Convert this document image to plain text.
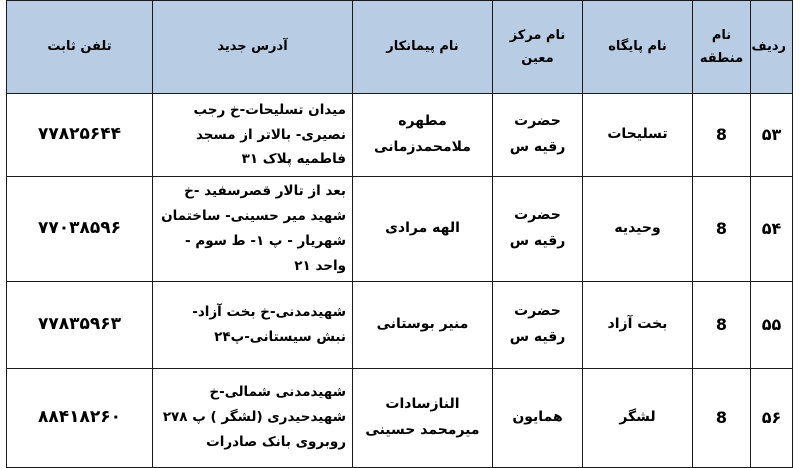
ردیف	نام منطقه	نام پایگاه	نام مرکز معین	نام پیمانکار	آدرس جدید	تلفن ثابت
۵۳	8	تسلیحات	حضرت رقیه س	مطهره ملامحمدزمانی	میدان تسلیحات-خ رجب نصیری- بالاتر از مسجد فاطمیه پلاک ۳۱	۷۷۸۲۵۶۴۴
۵۴	8	وحیدیه	حضرت رقیه س	الهه مرادی	بعد از تالار قصرسفید -خ شهید میر حسینی- ساختمان شهریار - پ ۱- ط سوم - واحد ۲۱	۷۷۰۳۸۵۹۶
۵۵	8	بخت آزاد	حضرت رقیه س	منیر بوستانی	شهیدمدنی-خ بخت آزاد- نبش سیستانی-پ۲۴	۷۷۸۳۵۹۶۳
۵۶	8	لشگر	همایون	النازسادات میرمحمد حسینی	شهیدمدنی شمالی-خ شهیدحیدری (لشگر ) پ ۲۷۸ روبروی بانک صادرات	۸۸۴۱۸۲۶۰
